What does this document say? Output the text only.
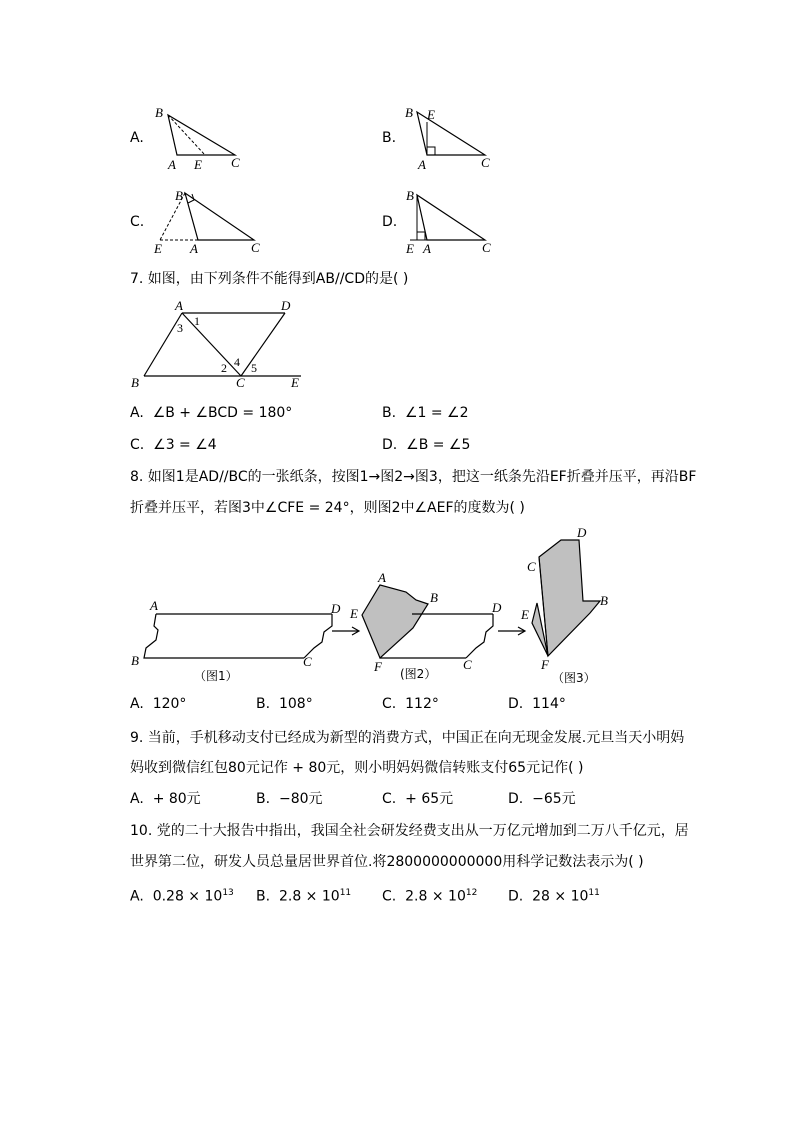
A.
B
A E C
B.
B E
A	C
C.
B
E A	C
D.
B
E A	C
7. 如图，由下列条件不能得到AB//CD的是( )
A	D
B	C	E
1
3
2 4 5
A. ∠B + ∠BCD = 180°	B. ∠1 = ∠2
C. ∠3 = ∠4	D. ∠B = ∠5
8. 如图1是AD//BC的一张纸条，按图1→图2→图3，把这一纸条先沿EF折叠并压平，再沿BF
折叠并压平，若图3中∠CFE = 24°，则图2中∠AEF的度数为( )
A	D
B	C
（图1）
A
B
D
E
F	C
(图2）
D
C
E
B
F
（图3）
A. 120°	B. 108°	C. 112°	D. 114°
9. 当前，手机移动支付已经成为新型的消费方式，中国正在向无现金发展.元旦当天小明妈
妈收到微信红包80元记作 + 80元，则小明妈妈微信转账支付65元记作( )
A. + 80元	B. −80元	C. + 65元	D. −65元
10. 党的二十大报告中指出，我国全社会研发经费支出从一万亿元增加到二万八千亿元，居
世界第二位，研发人员总量居世界首位.将2800000000000用科学记数法表示为( )
A. $0.28 \times 10^{13}$ B. $2.8 \times 10^{11}$ C. $2.8 \times 10^{12}$ D. $28 \times 10^{11}$
